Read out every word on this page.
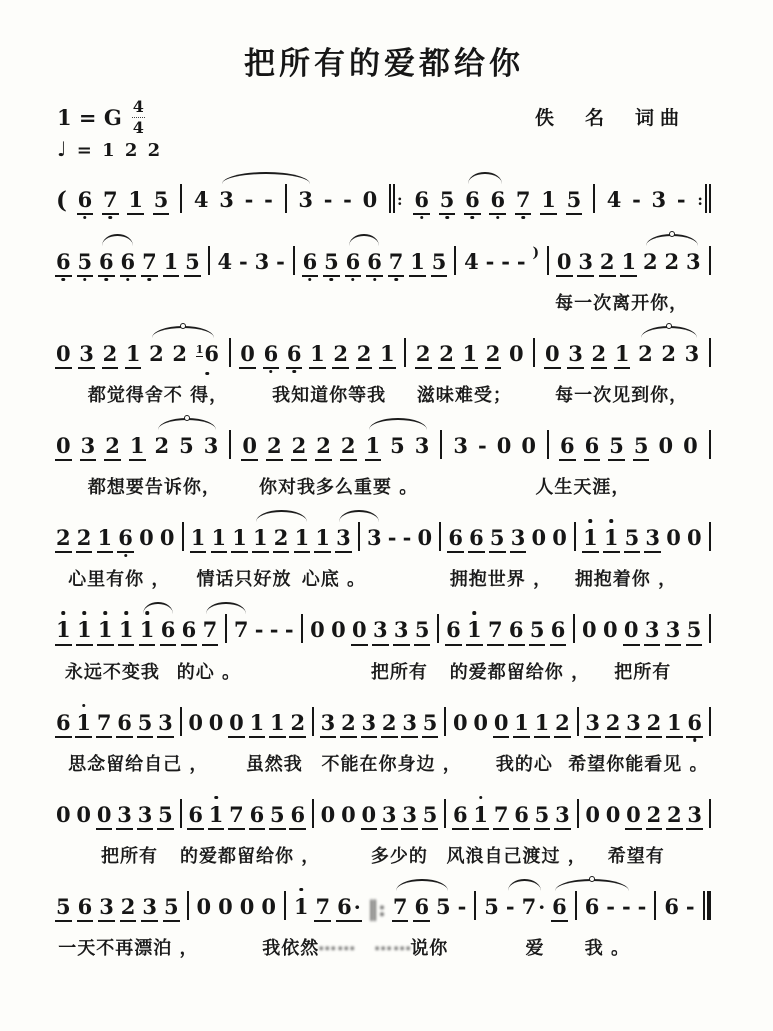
把所有的爱都给你
1 = G $\frac{4}{4}$	佚　名　词曲
♩ = 1 2 2
( 6 7 1 5 4 3 - - 3 - - 0	: 6 5 6 6 7 1 5 4 - 3 - :
6 5 6 6 7 1 5 4 - 3 - 6 5 6 6 7 1 5 4 - - - ) 0 3 2 1 2 2 3
每一次离开你，
0 3 2 1 2 2 $^1$6 0 6 6 1 2 2 1 2 2 1 2 0 0 3 2 1 2 2 3
都觉得舍不 得， 我知道你等我 滋味难受； 每一次见到你，
0 3 2 1 2 5 3 0 2 2 2 2 1 5 3 3 - 0 0 6 6 5 5 0 0
都想要告诉你， 你对我多么重要 。	人生天涯，
2 2 1 6 0 0 1 1 1 1 2 1 1 3 3 - - 0 6 6 5 3 0 0 1 1 5 3 0 0
心里有你 ， 情话只好放 心底 。	拥抱世界 ， 拥抱着你 ，
1 1 1 1 1 6 6 7 7 - - - 0 0 0 3 3 5 6 1 7 6 5 6 0 0 0 3 3 5
永远不变我 的心 。	把所有 的爱都留给你 ， 把所有
6 1 7 6 5 3 0 0 0 1 1 2 3 2 3 2 3 5 0 0 0 1 1 2 3 2 3 2 1 6
思念留给自己 ， 虽然我 不能在你身边 ， 我的心 希望你能看见 。
0 0 0 3 3 5 6 1 7 6 5 6 0 0 0 3 3 5 6 1 7 6 5 3 0 0 0 2 2 3
把所有 的爱都留给你 ，	多少的 风浪自己渡过 ， 希望有
5 6 3 2 3 5 0 0 0 0 1 7 6 · ‖: 7 6 5 - 5 - 7 · 6 6 - - - 6 -
一天不再漂泊 ，	我依然
…… ……
说你	爱 我 。
